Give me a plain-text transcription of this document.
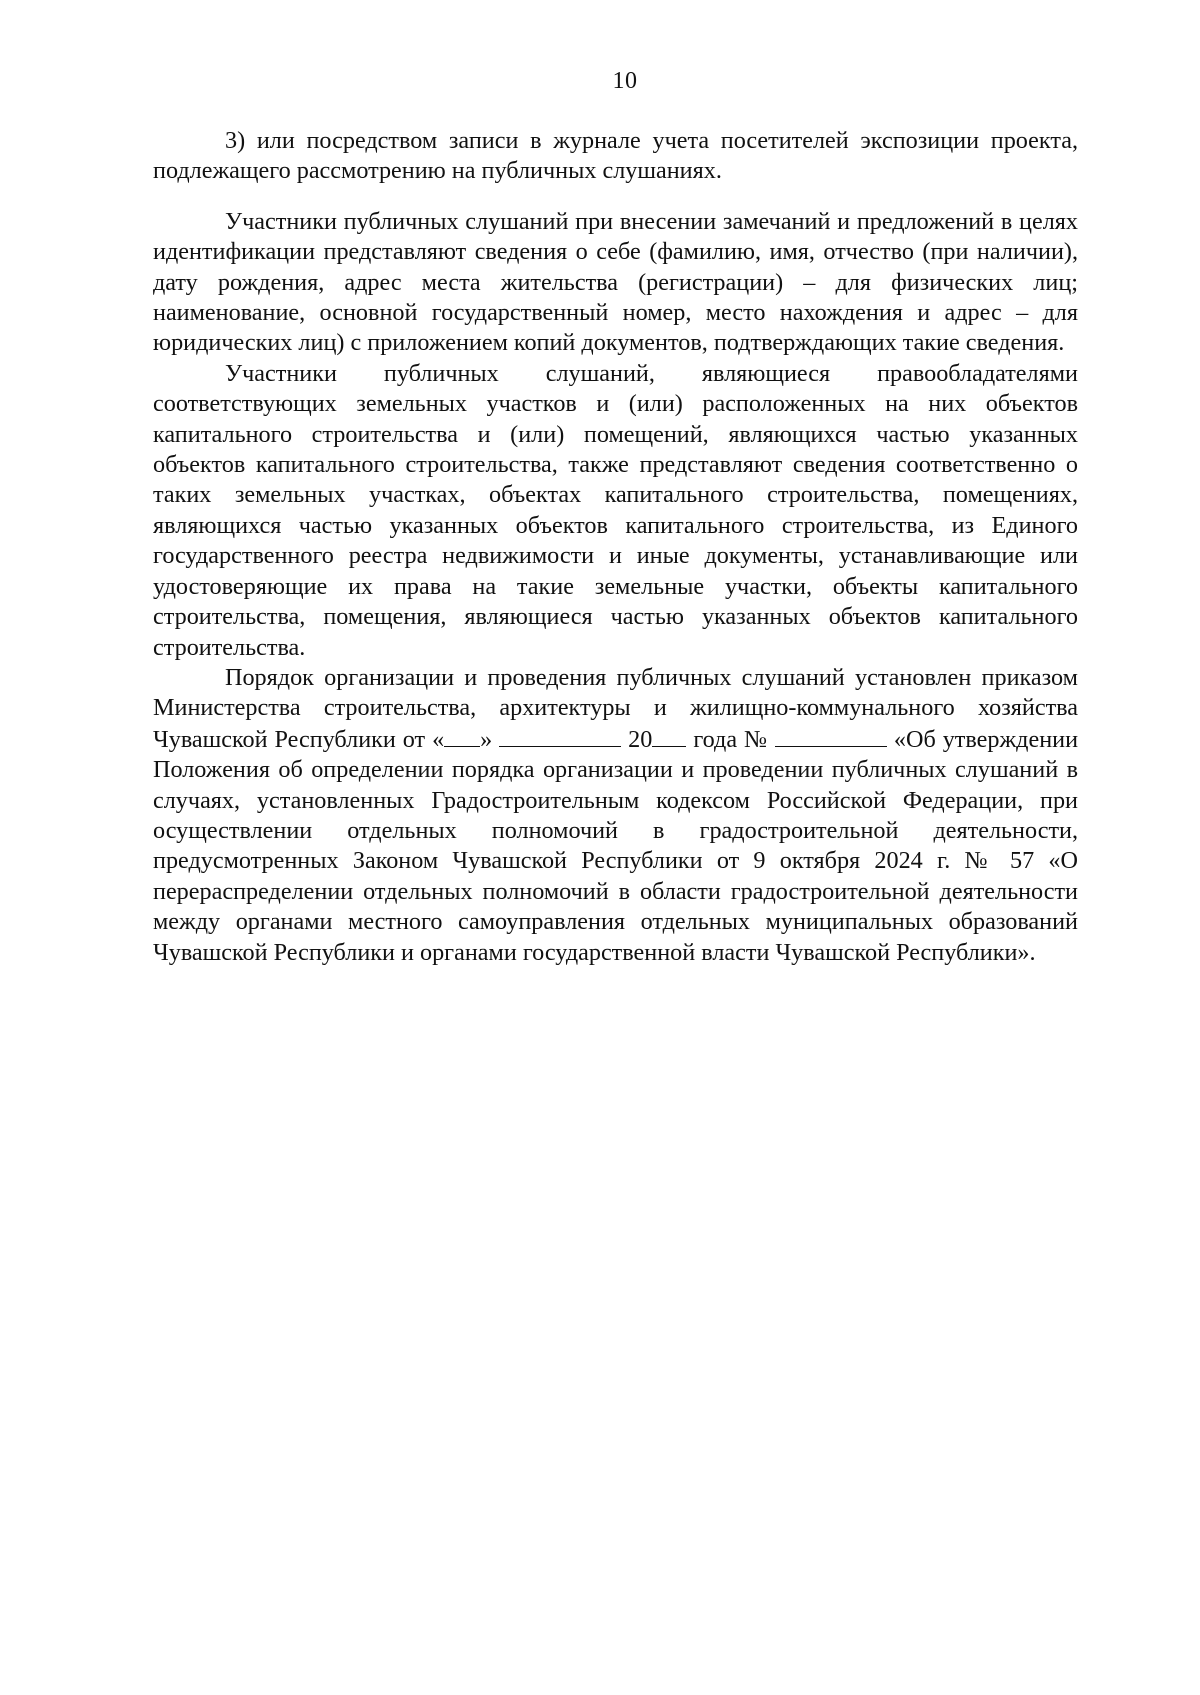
10

3) или посредством записи в журнале учета посетителей экспозиции проекта, подлежащего рассмотрению на публичных слушаниях.

Участники публичных слушаний при внесении замечаний и предложений в целях идентификации представляют сведения о себе (фамилию, имя, отчество (при наличии), дату рождения, адрес места жительства (регистрации) – для физических лиц; наименование, основной государственный номер, место нахождения и адрес – для юридических лиц) с приложением копий документов, подтверждающих такие сведения.

Участники публичных слушаний, являющиеся правообладателями соответствующих земельных участков и (или) расположенных на них объектов капитального строительства и (или) помещений, являющихся частью указанных объектов капитального строительства, также представляют сведения соответственно о таких земельных участках, объектах капитального строительства, помещениях, являющихся частью указанных объектов капитального строительства, из Единого государственного реестра недвижимости и иные документы, устанавливающие или удостоверяющие их права на такие земельные участки, объекты капитального строительства, помещения, являющиеся частью указанных объектов капитального строительства.

Порядок организации и проведения публичных слушаний установлен приказом Министерства строительства, архитектуры и жилищно-коммунального хозяйства Чувашской Республики от « »	20 года №	«Об утверждении Положения об определении порядка организации и проведении публичных слушаний в случаях, установленных Градостроительным кодексом Российской Федерации, при осуществлении отдельных полномочий в градостроительной деятельности, предусмотренных Законом Чувашской Республики от 9 октября 2024 г. № 57 «О перераспределении отдельных полномочий в области градостроительной деятельности между органами местного самоуправления отдельных муниципальных образований Чувашской Республики и органами государственной власти Чувашской Республики».
